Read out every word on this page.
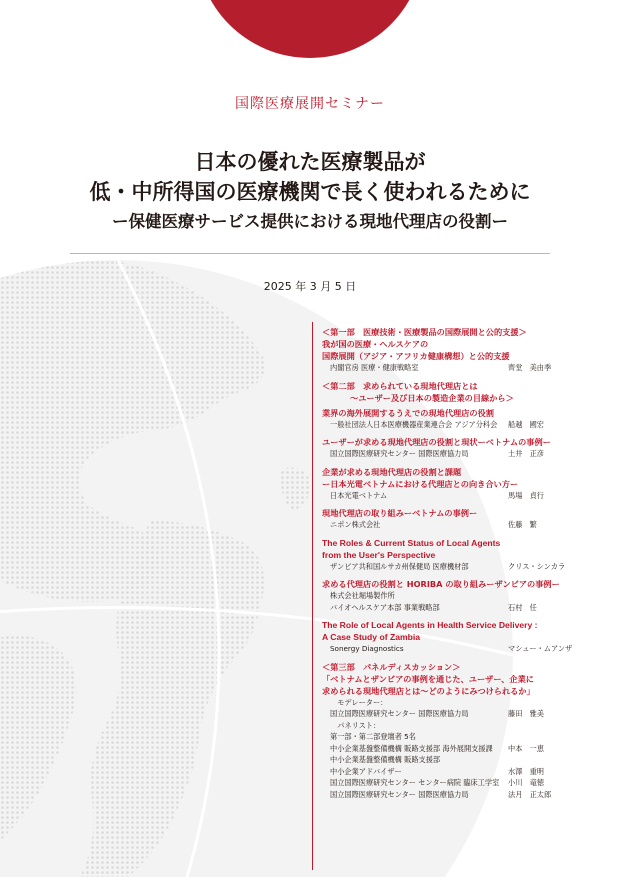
国際医療展開セミナー
日本の優れた医療製品が
低・中所得国の医療機関で長く使われるために
ー保健医療サービス提供における現地代理店の役割ー
2025 年 3 月 5 日
＜第一部　医療技術・医療製品の国際展開と公的支援＞
我が国の医療・ヘルスケアの
国際展開（アジア・アフリカ健康構想）と公的支援
内閣官房 医療・健康戦略室	齊堂　美由季
＜第二部　求められている現地代理店とは
～ユーザー及び日本の製造企業の目線から＞
業界の海外展開するうえでの現地代理店の役割
一般社団法人日本医療機器産業連合会 アジア分科会	船越　國宏
ユーザーが求める現地代理店の役割と現状ーベトナムの事例ー
国立国際医療研究センター 国際医療協力局	土井　正彦
企業が求める現地代理店の役割と課題
ー日本光電ベトナムにおける代理店との向き合い方ー
日本光電ベトナム	馬場　貞行
現地代理店の取り組みーベトナムの事例ー
ニポン株式会社	佐藤　繁
The Roles & Current Status of Local Agents
from the User's Perspective
ザンビア共和国ルサカ州保健局 医療機材部	クリス・シンカラ
求める代理店の役割と HORIBA の取り組みーザンビアの事例ー
株式会社堀場製作所
バイオヘルスケア本部 事業戦略部	石村　任
The Role of Local Agents in Health Service Delivery :
A Case Study of Zambia
Sonergy Diagnostics	マシュー・ムアンザ
＜第三部　パネルディスカッション＞
「ベトナムとザンビアの事例を通じた、ユーザー、企業に
求められる現地代理店とは～どのようにみつけられるか」
　モデレーター：
国立国際医療研究センター 国際医療協力局	藤田　雅美
　パネリスト：
第一部・第二部登壇者 5名
中小企業基盤整備機構 販路支援部 海外展開支援課	中本　一恵
中小企業基盤整備機構 販路支援部
中小企業アドバイザー	水澤　重明
国立国際医療研究センター センター病院 臨床工学室	小川　竜徳
国立国際医療研究センター 国際医療協力局	法月　正太郎
